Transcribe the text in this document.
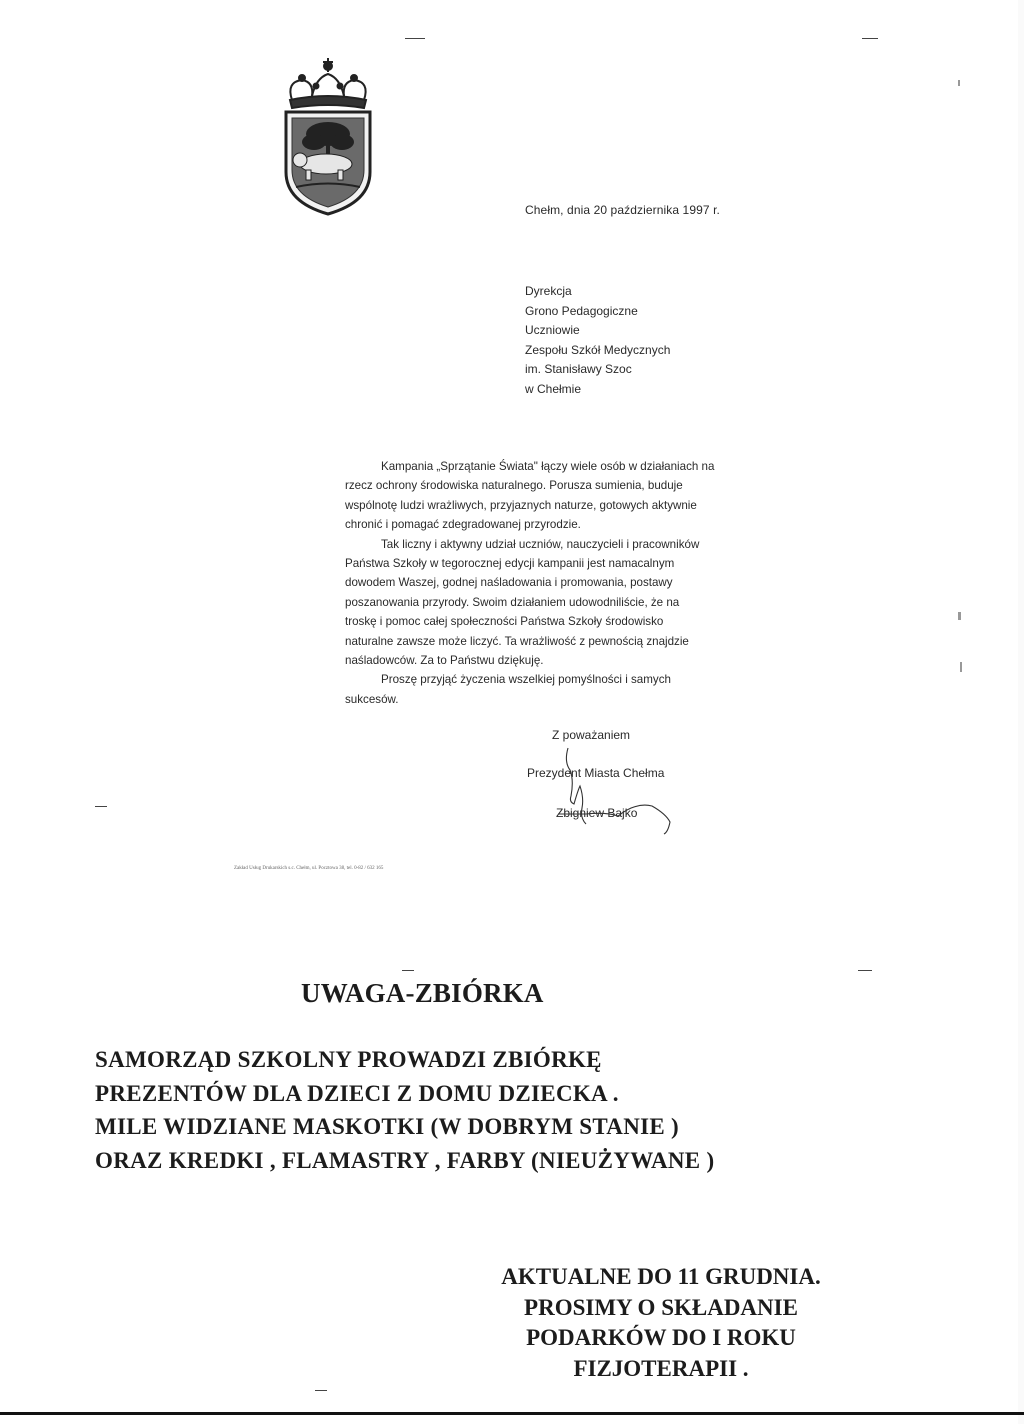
Chełm, dnia 20 października 1997 r.
Dyrekcja
Grono Pedagogiczne
Uczniowie
Zespołu Szkół Medycznych
im. Stanisławy Szoc
w Chełmie
Kampania „Sprzątanie Świata" łączy wiele osób w działaniach na
rzecz ochrony środowiska naturalnego. Porusza sumienia, buduje
wspólnotę ludzi wrażliwych, przyjaznych naturze, gotowych aktywnie
chronić i pomagać zdegradowanej przyrodzie.
Tak liczny i aktywny udział uczniów, nauczycieli i pracowników
Państwa Szkoły w tegorocznej edycji kampanii jest namacalnym
dowodem Waszej, godnej naśladowania i promowania, postawy
poszanowania przyrody. Swoim działaniem udowodniliście, że na
troskę i pomoc całej społeczności Państwa Szkoły środowisko
naturalne zawsze może liczyć. Ta wrażliwość z pewnością znajdzie
naśladowców. Za to Państwu dziękuję.
Proszę przyjąć życzenia wszelkiej pomyślności i samych
sukcesów.
Z poważaniem
Prezydent Miasta Chełma
Zbigniew Bajko
Zakład Usług Drukarskich s.c. Chełm, ul. Pocztowa 38, tel. 0-82 / 632 165
UWAGA-ZBIÓRKA
SAMORZĄD SZKOLNY PROWADZI ZBIÓRKĘ
PREZENTÓW DLA DZIECI Z DOMU DZIECKA .
MILE WIDZIANE MASKOTKI (W DOBRYM STANIE )
ORAZ KREDKI , FLAMASTRY , FARBY (NIEUŻYWANE )
AKTUALNE DO 11 GRUDNIA.
PROSIMY O SKŁADANIE
PODARKÓW DO I ROKU
FIZJOTERAPII .
